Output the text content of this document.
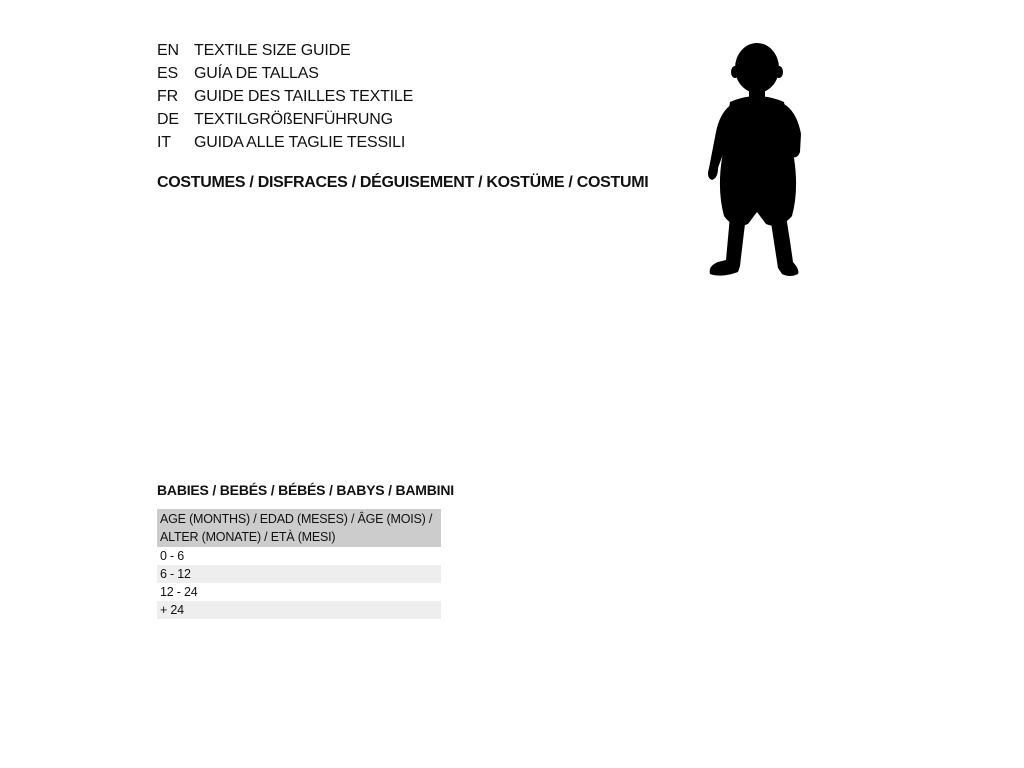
EN TEXTILE SIZE GUIDE
ES	GUÍA DE TALLAS
FR	GUIDE DES TAILLES TEXTILE
DE TEXTILGRÖßENFÜHRUNG
IT	GUIDA ALLE TAGLIE TESSILI
COSTUMES / DISFRACES / DÉGUISEMENT / KOSTÜME / COSTUMI
BABIES / BEBÉS / BÉBÉS / BABYS / BAMBINI
AGE (MONTHS) / EDAD (MESES) / ÂGE (MOIS) / ALTER (MONATE) / ETÀ (MESI)
0 - 6
6 - 12
12 - 24
+ 24
